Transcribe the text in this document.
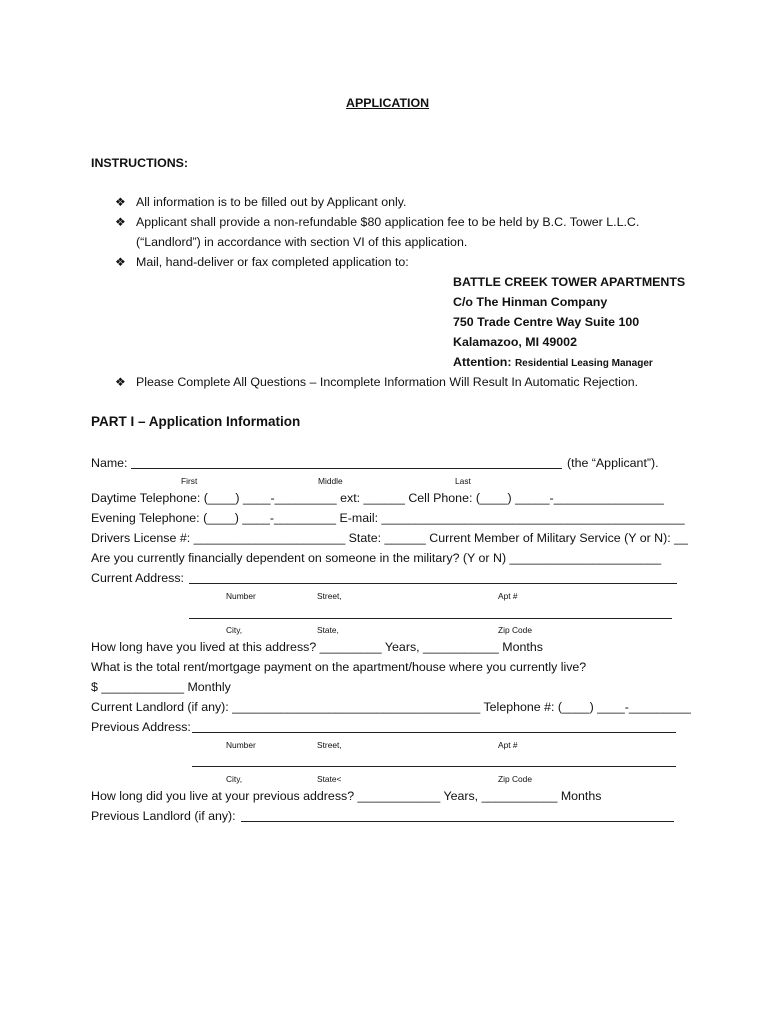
APPLICATION
INSTRUCTIONS:
❖ All information is to be filled out by Applicant only.
❖ Applicant shall provide a non-refundable $80 application fee to be held by B.C. Tower L.L.C.
(“Landlord”) in accordance with section VI of this application.
❖ Mail, hand-deliver or fax completed application to:
BATTLE CREEK TOWER APARTMENTS
C/o The Hinman Company
750 Trade Centre Way Suite 100
Kalamazoo, MI 49002
Attention: Residential Leasing Manager
❖ Please Complete All Questions – Incomplete Information Will Result In Automatic Rejection.
PART I – Application Information
Name:	(the “Applicant”).
First	Middle	Last
Daytime Telephone: (____) ____-_________ ext: ______ Cell Phone: (____) _____-________________
Evening Telephone: (____) ____-_________ E-mail: ____________________________________________
Drivers License #: ______________________ State: ______ Current Member of Military Service (Y or N): __
Are you currently financially dependent on someone in the military? (Y or N) ______________________
Current Address:
Number	Street,	Apt #
City,	State,	Zip Code
How long have you lived at this address? _________ Years, ___________ Months
What is the total rent/mortgage payment on the apartment/house where you currently live?
$ ____________ Monthly
Current Landlord (if any): ____________________________________ Telephone #: (____) ____-_________
Previous Address:
Number	Street,	Apt #
City,	State<	Zip Code
How long did you live at your previous address? ____________ Years, ___________ Months
Previous Landlord (if any):
